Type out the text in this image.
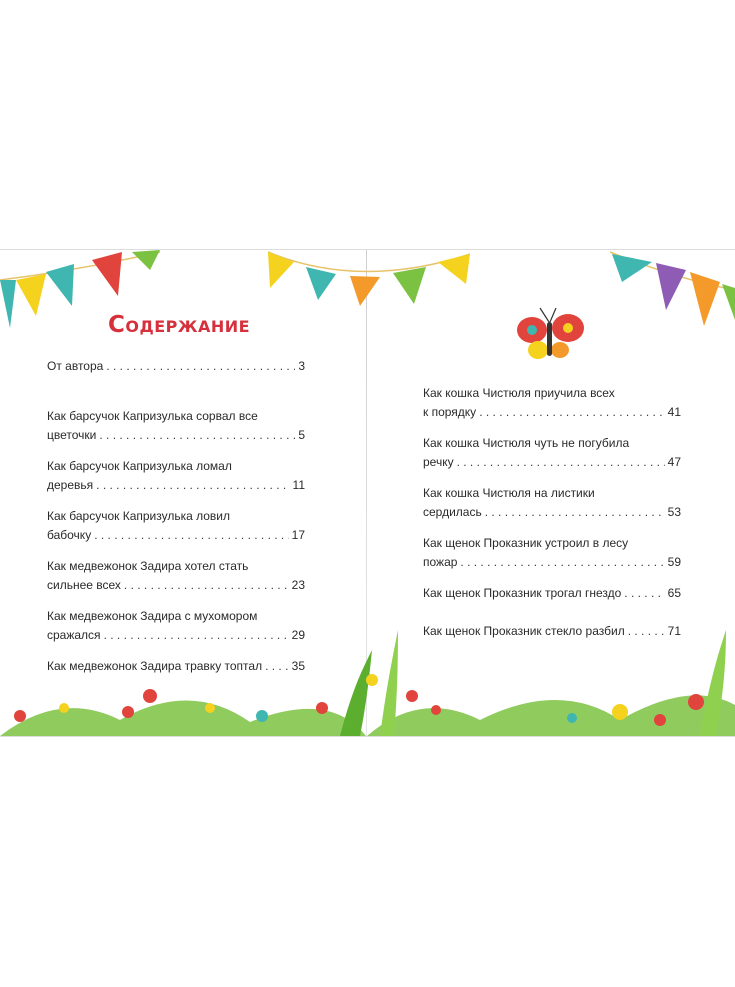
Содержание
От автора . . .	3
Как барсучок Капризулька сорвал все
цветочки . . .	5
Как барсучок Капризулька ломал
деревья . . .	11
Как барсучок Капризулька ловил
бабочку . . .	17
Как медвежонок Задира хотел стать
сильнее всех . . .	23
Как медвежонок Задира с мухомором
сражался . . .	29
Как медвежонок Задира травку топтал . . . 35
Как кошка Чистюля приучила всех
к порядку . . .	41
Как кошка Чистюля чуть не погубила
речку . . .	47
Как кошка Чистюля на листики
сердилась . . .	53
Как щенок Проказник устроил в лесу
пожар . . .	59
Как щенок Проказник трогал гнездо . . .	65
Как щенок Проказник стекло разбил . . .	71
